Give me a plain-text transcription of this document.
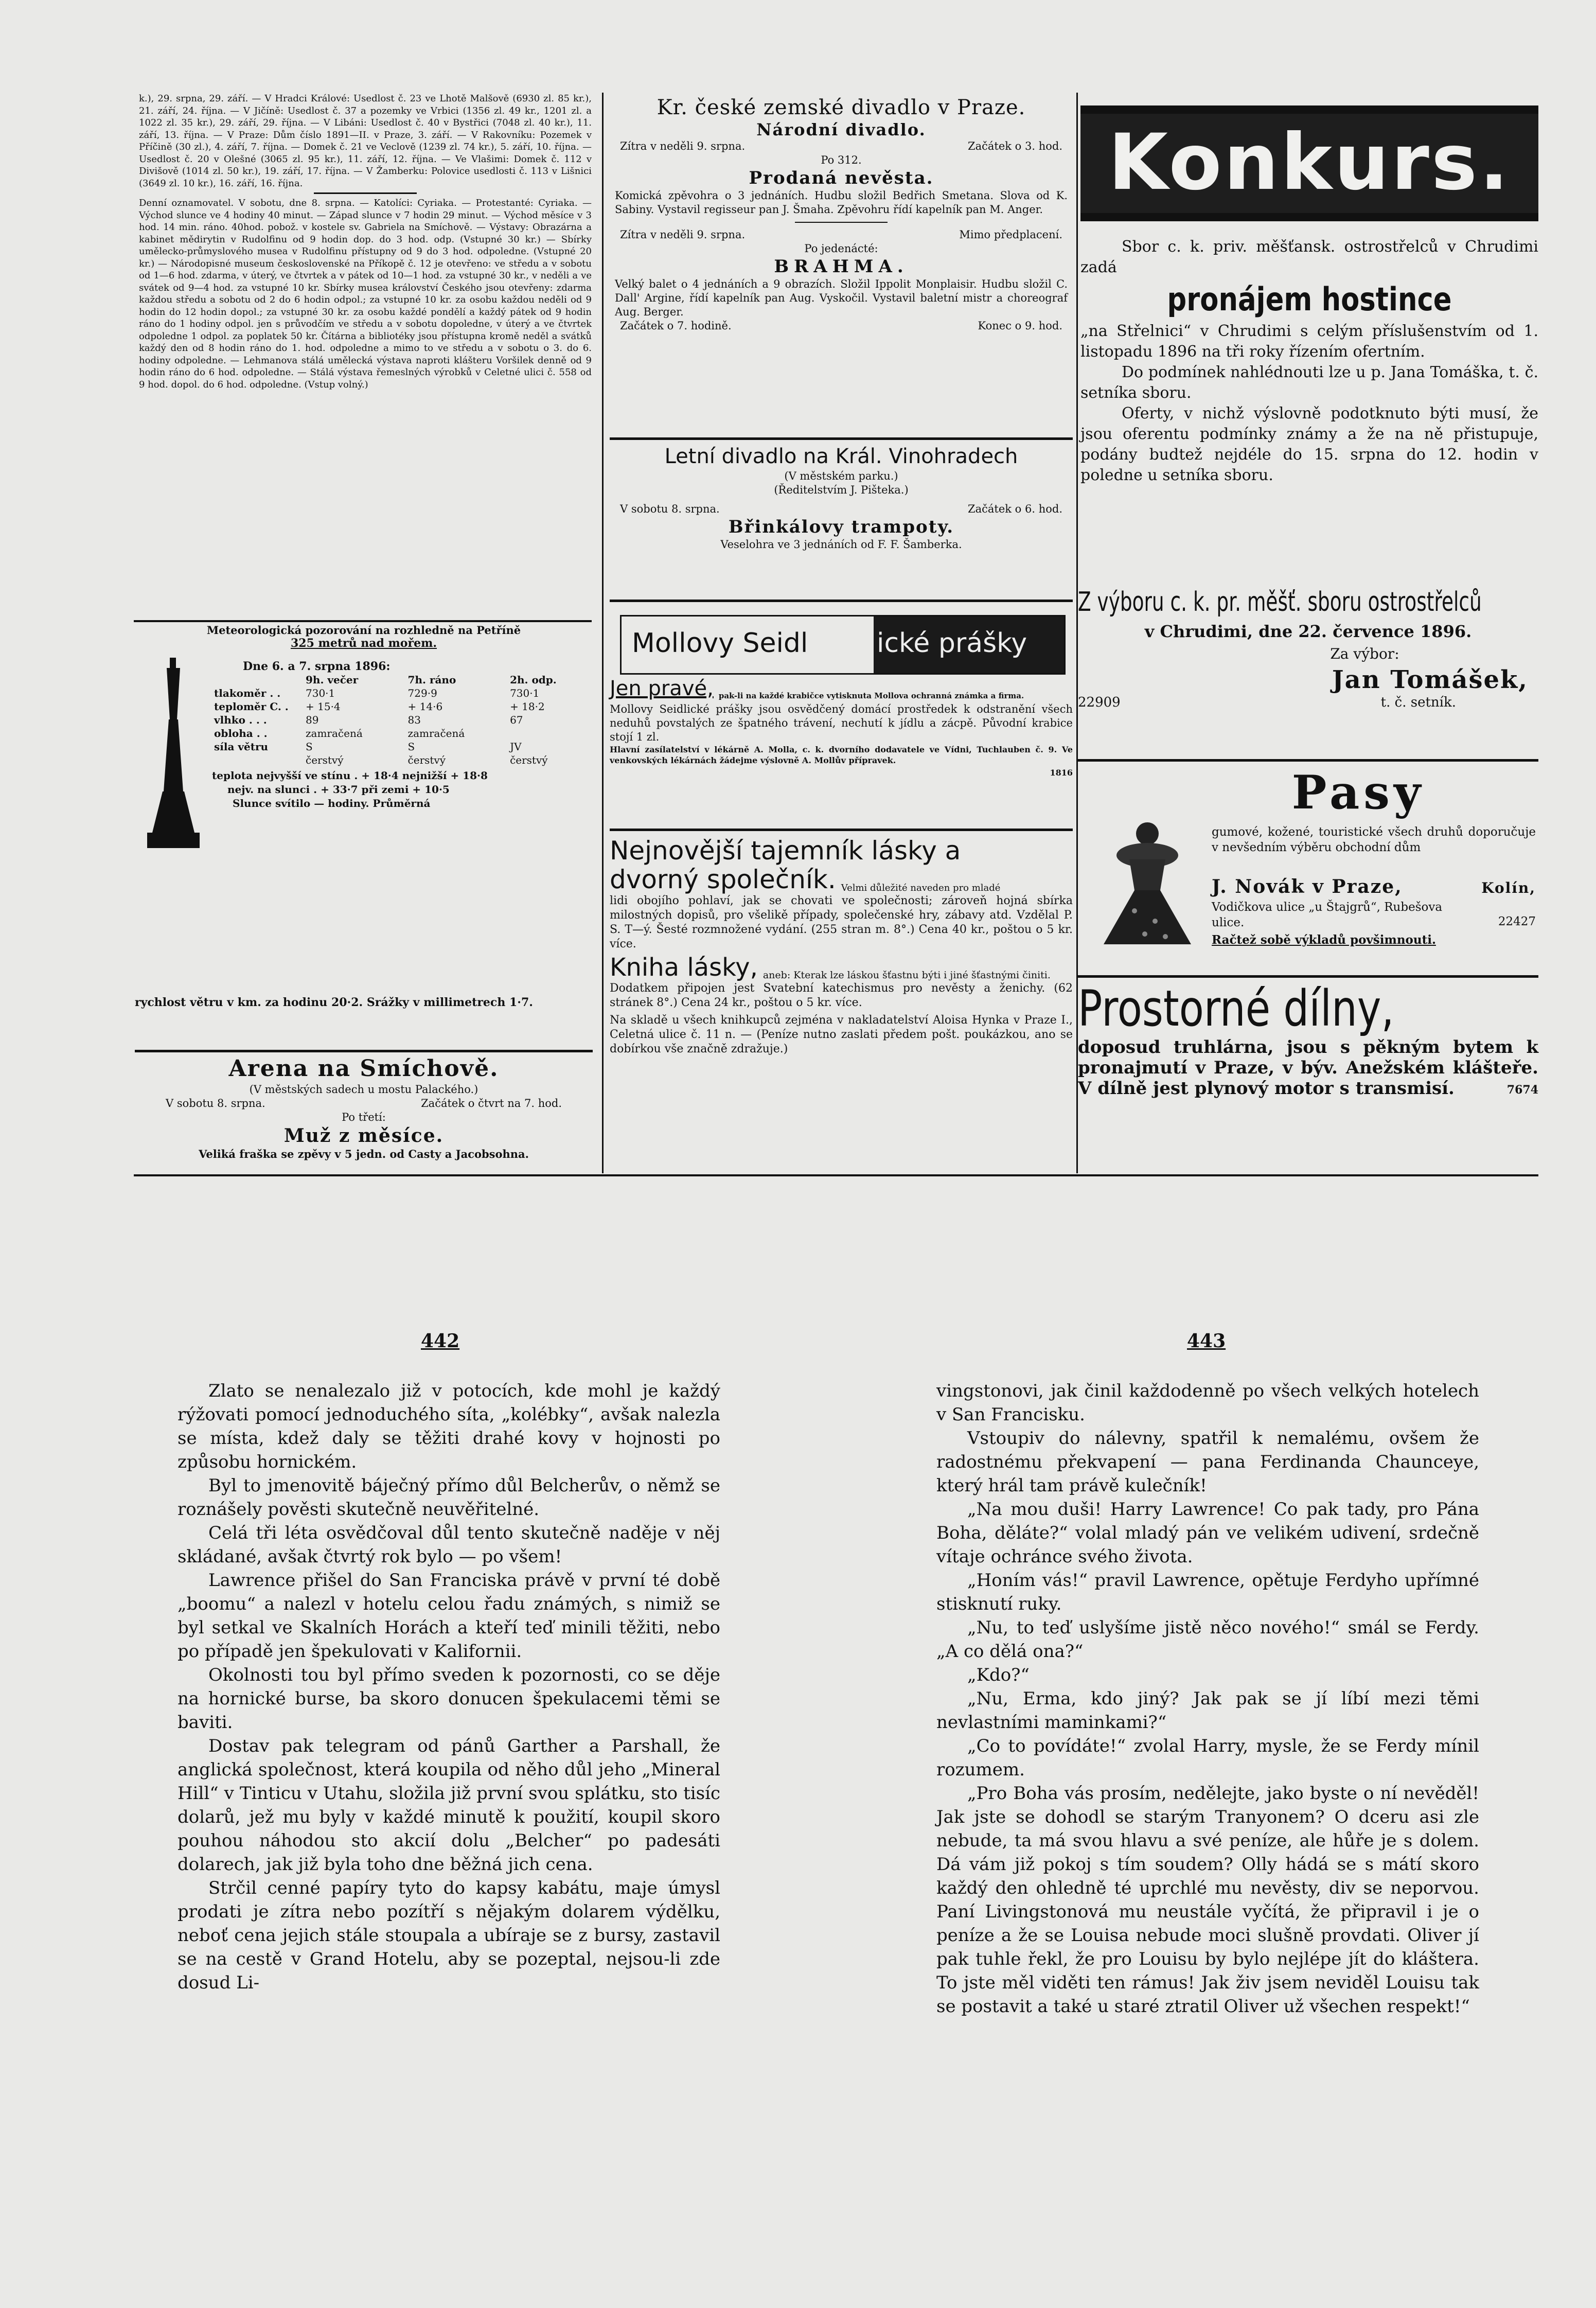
k.), 29. srpna, 29. září. — V Hradci Králové: Usedlost č. 23 ve Lhotě Malšově (6930 zl. 85 kr.), 21. září, 24. října. — V Jičíně: Usedlost č. 37 a pozemky ve Vrbici (1356 zl. 49 kr., 1201 zl. a 1022 zl. 35 kr.), 29. září, 29. října. — V Libáni: Usedlost č. 40 v Bystřici (7048 zl. 40 kr.), 11. září, 13. října. — V Praze: Dům číslo 1891—II. v Praze, 3. září. — V Rakovníku: Pozemek v Příčině (30 zl.), 4. září, 7. října. — Domek č. 21 ve Veclově (1239 zl. 74 kr.), 5. září, 10. října. — Usedlost č. 20 v Olešné (3065 zl. 95 kr.), 11. září, 12. října. — Ve Vlašimi: Domek č. 112 v Divišově (1014 zl. 50 kr.), 19. září, 17. října. — V Žamberku: Polovice usedlosti č. 113 v Lišnici (3649 zl. 10 kr.), 16. září, 16. října.

Denní oznamovatel. V sobotu, dne 8. srpna. — Katolíci: Cyriaka. — Protestanté: Cyriaka. — Východ slunce ve 4 hodiny 40 minut. — Západ slunce v 7 hodin 29 minut. — Východ měsíce v 3 hod. 14 min. ráno. 40hod. pobož. v kostele sv. Gabriela na Smíchově. — Výstavy: Obrazárna a kabinet mědirytin v Rudolfinu od 9 hodin dop. do 3 hod. odp. (Vstupné 30 kr.) — Sbírky umělecko-průmyslového musea v Rudolfinu přístupny od 9 do 3 hod. odpoledne. (Vstupné 20 kr.) — Národopisné museum československé na Příkopě č. 12 je otevřeno: ve středu a v sobotu od 1—6 hod. zdarma, v úterý, ve čtvrtek a v pátek od 10—1 hod. za vstupné 30 kr., v neděli a ve svátek od 9—4 hod. za vstupné 10 kr. Sbírky musea království Českého jsou otevřeny: zdarma každou středu a sobotu od 2 do 6 hodin odpol.; za vstupné 10 kr. za osobu každou neděli od 9 hodin do 12 hodin dopol.; za vstupné 30 kr. za osobu každé pondělí a každý pátek od 9 hodin ráno do 1 hodiny odpol. jen s průvodčím ve středu a v sobotu dopoledne, v úterý a ve čtvrtek odpoledne 1 odpol. za poplatek 50 kr. Čítárna a bibliotéky jsou přístupna kromě neděl a svátků každý den od 8 hodin ráno do 1. hod. odpoledne a mimo to ve středu a v sobotu o 3. do 6. hodiny odpoledne. — Lehmanova stálá umělecká výstava naproti klášteru Voršilek denně od 9 hodin ráno do 6 hod. odpoledne. — Stálá výstava řemeslných výrobků v Celetné ulici č. 558 od 9 hod. dopol. do 6 hod. odpoledne. (Vstup volný.)

Meteorologická pozorování na rozhledně na Petříně
325 metrů nad mořem.
Dne 6. a 7. srpna 1896:
	9h. večer	7h. ráno	2h. odp.
tlakoměr . .	730·1	729·9	730·1
teploměr C. .	+ 15·4	+ 14·6	+ 18·2
vlhko . . .	89	83	67
obloha . .	zamračená	zamračená	
síla větru	S	S	JV
	čerstvý	čerstvý	čerstvý
teplota nejvyšší ve stínu . + 18·4 nejnižší + 18·8
nejv. na slunci . + 33·7 při zemi + 10·5
Slunce svítilo — hodiny. Průměrná
rychlost větru v km. za hodinu 20·2. Srážky v millimetrech 1·7.
Arena na Smíchově.
(V městských sadech u mostu Palackého.)
V sobotu 8. srpna.	Začátek o čtvrt na 7. hod.
Po třetí:
Muž z měsíce.
Veliká fraška se zpěvy v 5 jedn. od Casty a Jacobsohna.
Kr. české zemské divadlo v Praze.
Národní divadlo.
Zítra v neděli 9. srpna.	Začátek o 3. hod.
Po 312.
Prodaná nevěsta.
Komická zpěvohra o 3 jednáních. Hudbu složil Bedřich Smetana. Slova od K. Sabiny. Vystavil regisseur pan J. Šmaha. Zpěvohru řídí kapelník pan M. Anger.
Zítra v neděli 9. srpna.	Mimo předplacení.
Po jedenácté:
BRAHMA.
Velký balet o 4 jednáních a 9 obrazích. Složil Ippolit Monplaisir. Hudbu složil C. Dall' Argine, řídí kapelník pan Aug. Vyskočil. Vystavil baletní mistr a choreograf Aug. Berger.
Začátek o 7. hodině.	Konec o 9. hod.
Letní divadlo na Král. Vinohradech
(V městském parku.)
(Ředitelstvím J. Pišteka.)
V sobotu 8. srpna.	Začátek o 6. hod.
Břinkálovy trampoty.
Veselohra ve 3 jednáních od F. F. Šamberka.
Mollovy Seidl	ické prášky
Jen pravé, pak-li na každé krabičce vytisknuta Mollova ochranná známka a firma.
Mollovy Seidlické prášky jsou osvědčený domácí prostředek k odstranění všech neduhů povstalých ze špatného trávení, nechutí k jídlu a zácpě. Původní krabice stojí 1 zl.
Hlavní zasílatelství v lékárně A. Molla, c. k. dvorního dodavatele ve Vídni, Tuchlauben č. 9. Ve venkovských lékárnách žádejme výslovně A. Mollův přípravek.
1816
Nejnovější tajemník lásky a
dvorný společník. Velmi důležité naveden pro mladé
lidi obojího pohlaví, jak se chovati ve společnosti; zároveň hojná sbírka milostných dopisů, pro všelikě případy, společenské hry, zábavy atd. Vzdělal P. S. T—ý. Šesté rozmnožené vydání. (255 stran m. 8°.) Cena 40 kr., poštou o 5 kr. více.
Kniha lásky, aneb: Kterak lze láskou šťastnu býti i jiné šťastnými činiti.
Dodatkem připojen jest Svatební katechismus pro nevěsty a ženichy. (62 stránek 8°.) Cena 24 kr., poštou o 5 kr. více.
Na skladě u všech knihkupců zejména v nakladatelství Aloisa Hynka v Praze I., Celetná ulice č. 11 n. — (Peníze nutno zaslati předem pošt. poukázkou, ano se dobírkou vše značně zdražuje.)
Konkurs.
Sbor c. k. priv. měšťansk. ostrostřelců v Chrudimi zadá
pronájem hostince
„na Střelnici“ v Chrudimi s celým příslušenstvím od 1. listopadu 1896 na tři roky řízením ofertním.
Do podmínek nahlédnouti lze u p. Jana Tomáška, t. č. setníka sboru.
Oferty, v nichž výslovně podotknuto býti musí, že jsou oferentu podmínky známy a že na ně přistupuje, podány budtež nejdéle do 15. srpna do 12. hodin v poledne u setníka sboru.
Z výboru c. k. pr. měšť. sboru ostrostřelců
v Chrudimi, dne 22. července 1896.
Za výbor:
Jan Tomášek,
22909	t. č. setník.
Pasy
gumové, kožené, touristické všech druhů doporučuje v nevšedním výběru obchodní dům
J. Novák v Praze,	Kolín,
Vodičkova ulice „u Štajgrů“, Rubešova ulice.	22427
Račtež sobě výkladů povšimnouti.
Prostorné dílny,
doposud truhlárna, jsou s pěkným bytem k pronajmutí v Praze, v býv. Anežském klášteře. V dílně jest plynový motor s transmisí.	7674
442	443

Zlato se nenalezalo již v potocích, kde mohl je každý rýžovati pomocí jednoduchého síta, „kolébky“, avšak nalezla se místa, kdež daly se těžiti drahé kovy v hojnosti po způsobu hornickém.

Byl to jmenovitě báječný přímo důl Belcherův, o němž se roznášely pověsti skutečně neuvěřitelné.

Celá tři léta osvědčoval důl tento skutečně naděje v něj skládané, avšak čtvrtý rok bylo — po všem!

Lawrence přišel do San Franciska právě v první té době „boomu“ a nalezl v hotelu celou řadu známých, s nimiž se byl setkal ve Skalních Horách a kteří teď minili těžiti, nebo po případě jen špekulovati v Kalifornii.

Okolnosti tou byl přímo sveden k pozornosti, co se děje na hornické burse, ba skoro donucen špekulacemi těmi se baviti.

Dostav pak telegram od pánů Garther a Parshall, že anglická společnost, která koupila od něho důl jeho „Mineral Hill“ v Tinticu v Utahu, složila již první svou splátku, sto tisíc dolarů, jež mu byly v každé minutě k použití, koupil skoro pouhou náhodou sto akcií dolu „Belcher“ po padesáti dolarech, jak již byla toho dne běžná jich cena.

Strčil cenné papíry tyto do kapsy kabátu, maje úmysl prodati je zítra nebo pozítří s nějakým dolarem výdělku, neboť cena jejich stále stoupala a ubíraje se z bursy, zastavil se na cestě v Grand Hotelu, aby se pozeptal, nejsou-li zde dosud Li-

vingstonovi, jak činil každodenně po všech velkých hotelech v San Francisku.

Vstoupiv do nálevny, spatřil k nemalému, ovšem že radostnému překvapení — pana Ferdinanda Chaunceye, který hrál tam právě kulečník!

„Na mou duši! Harry Lawrence! Co pak tady, pro Pána Boha, děláte?“ volal mladý pán ve velikém udivení, srdečně vítaje ochránce svého života.

„Honím vás!“ pravil Lawrence, opětuje Ferdyho upřímné stisknutí ruky.

„Nu, to teď uslyšíme jistě něco nového!“ smál se Ferdy. „A co dělá ona?“

„Kdo?“

„Nu, Erma, kdo jiný? Jak pak se jí líbí mezi těmi nevlastními maminkami?“

„Co to povídáte!“ zvolal Harry, mysle, že se Ferdy mínil rozumem.

„Pro Boha vás prosím, nedělejte, jako byste o ní nevěděl! Jak jste se dohodl se starým Tranyonem? O dceru asi zle nebude, ta má svou hlavu a své peníze, ale hůře je s dolem. Dá vám již pokoj s tím soudem? Olly hádá se s mátí skoro každý den ohledně té uprchlé mu nevěsty, div se neporvou. Paní Livingstonová mu neustále vyčítá, že připravil i je o peníze a že se Louisa nebude moci slušně provdati. Oliver jí pak tuhle řekl, že pro Louisu by bylo nejlépe jít do kláštera. To jste měl viděti ten rámus! Jak živ jsem neviděl Louisu tak se postavit a také u staré ztratil Oliver už všechen respekt!“
